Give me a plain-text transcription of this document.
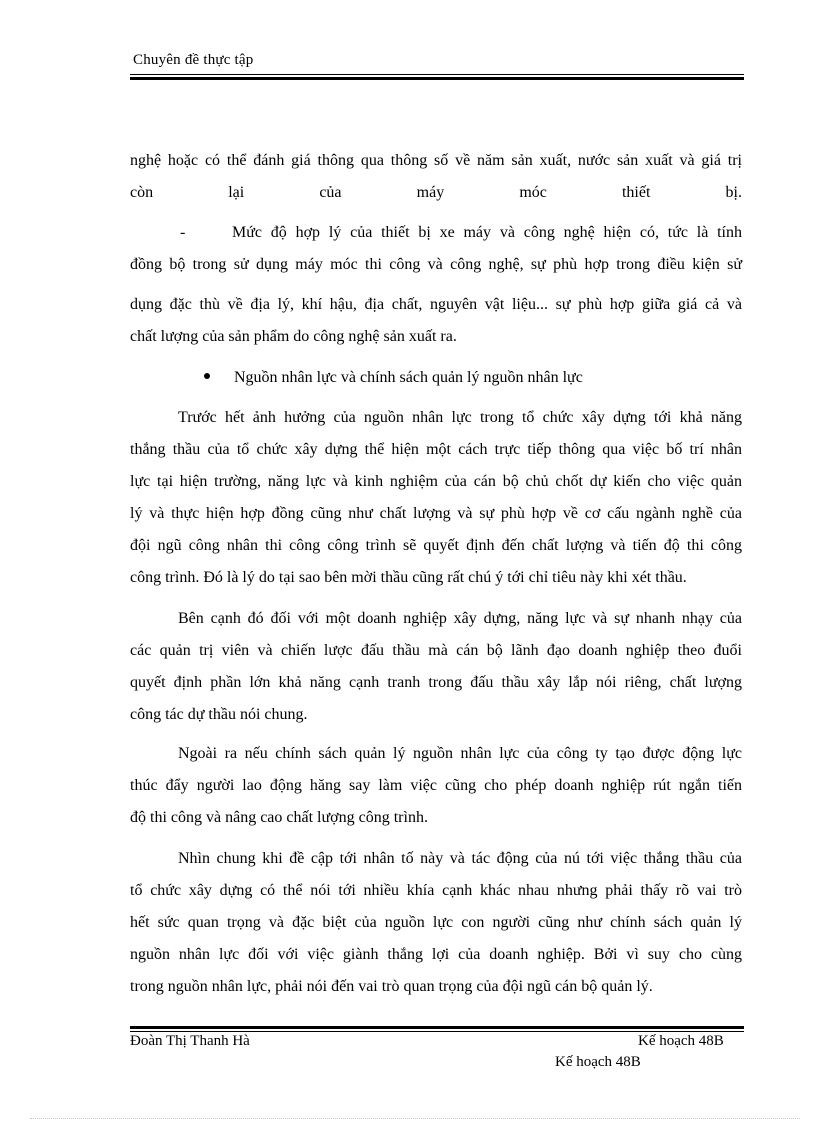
Chuyên đề thực tập
nghệ hoặc có thể đánh giá thông qua thông số về năm sản xuất, nước sản xuất và giá trị
còn lại của máy móc thiết bị.
-	Mức độ hợp lý của thiết bị xe máy và công nghệ hiện có, tức là tính
đồng bộ trong sử dụng máy móc thi công và công nghệ, sự phù hợp trong điều kiện sử
dụng đặc thù về địa lý, khí hậu, địa chất, nguyên vật liệu... sự phù hợp giữa giá cả và
chất lượng của sản phẩm do công nghệ sản xuất ra.
Nguồn nhân lực và chính sách quản lý nguồn nhân lực
Trước hết ảnh hưởng của nguồn nhân lực trong tổ chức xây dựng tới khả năng
thắng thầu của tổ chức xây dựng thể hiện một cách trực tiếp thông qua việc bố trí nhân
lực tại hiện trường, năng lực và kinh nghiệm của cán bộ chủ chốt dự kiến cho việc quản
lý và thực hiện hợp đồng cũng như chất lượng và sự phù hợp về cơ cấu ngành nghề của
đội ngũ công nhân thi công công trình sẽ quyết định đến chất lượng và tiến độ thi công
công trình. Đó là lý do tại sao bên mời thầu cũng rất chú ý tới chỉ tiêu này khi xét thầu.
Bên cạnh đó đối với một doanh nghiệp xây dựng, năng lực và sự nhanh nhạy của
các quản trị viên và chiến lược đấu thầu mà cán bộ lãnh đạo doanh nghiệp theo đuổi
quyết định phần lớn khả năng cạnh tranh trong đấu thầu xây lắp nói riêng, chất lượng
công tác dự thầu nói chung.
Ngoài ra nếu chính sách quản lý nguồn nhân lực của công ty tạo được động lực
thúc đẩy người lao động hăng say làm việc cũng cho phép doanh nghiệp rút ngắn tiến
độ thi công và nâng cao chất lượng công trình.
Nhìn chung khi đề cập tới nhân tố này và tác động của nú tới việc thắng thầu của
tổ chức xây dựng có thể nói tới nhiều khía cạnh khác nhau nhưng phải thấy rõ vai trò
hết sức quan trọng và đặc biệt của nguồn lực con người cũng như chính sách quản lý
nguồn nhân lực đối với việc giành thắng lợi của doanh nghiệp. Bởi vì suy cho cùng
trong nguồn nhân lực, phải nói đến vai trò quan trọng của đội ngũ cán bộ quản lý.
Đoàn Thị Thanh Hà	Kế hoạch 48B
Kế hoạch 48B
